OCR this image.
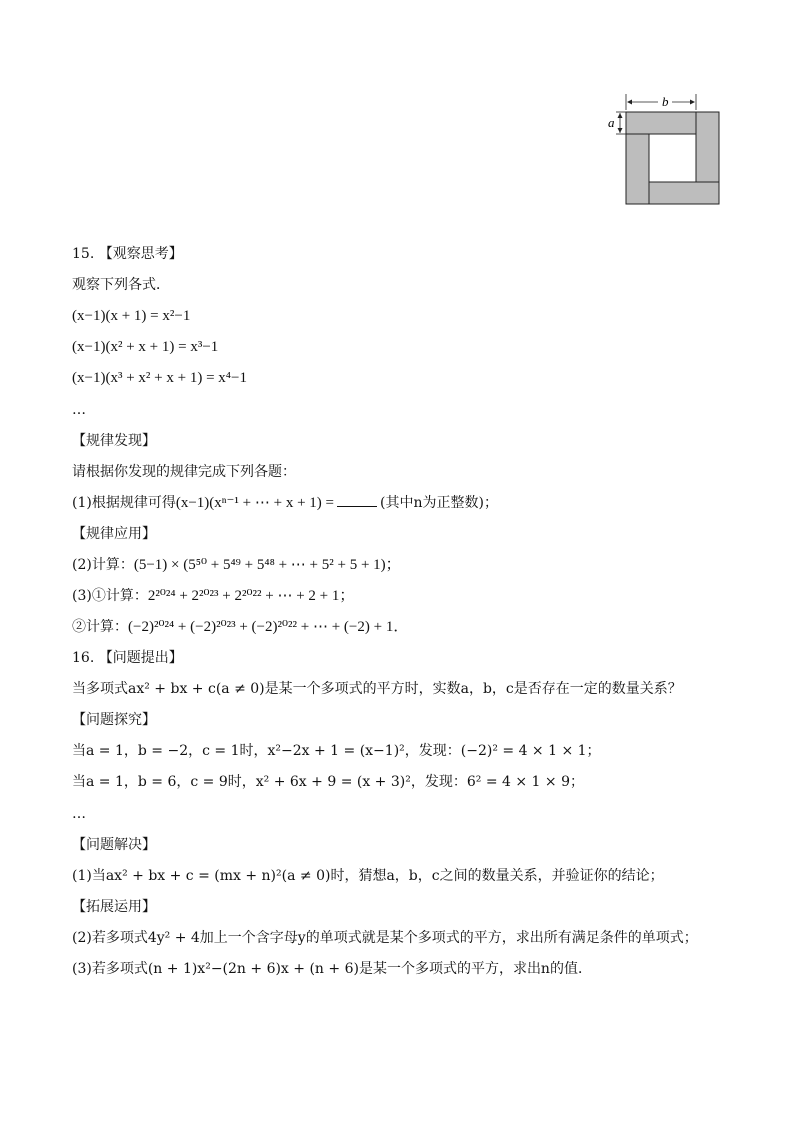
b
a
15. 【观察思考】
观察下列各式．
(x−1)(x + 1) = x²−1
(x−1)(x² + x + 1) = x³−1
(x−1)(x³ + x² + x + 1) = x⁴−1
…
【规律发现】
请根据你发现的规律完成下列各题：
(1)根据规律可得(x−1)(xⁿ⁻¹ + ⋯ + x + 1) =	(其中n为正整数)；
【规律应用】
(2)计算：(5−1) × (5⁵⁰ + 5⁴⁹ + 5⁴⁸ + ⋯ + 5² + 5 + 1)；
(3)①计算：2²⁰²⁴ + 2²⁰²³ + 2²⁰²² + ⋯ + 2 + 1；
②计算：(−2)²⁰²⁴ + (−2)²⁰²³ + (−2)²⁰²² + ⋯ + (−2) + 1．
16. 【问题提出】
当多项式ax² + bx + c(a ≠ 0)是某一个多项式的平方时，实数a，b，c是否存在一定的数量关系？
【问题探究】
当a = 1，b = −2，c = 1时，x²−2x + 1 = (x−1)²，发现：(−2)² = 4 × 1 × 1；
当a = 1，b = 6，c = 9时，x² + 6x + 9 = (x + 3)²，发现：6² = 4 × 1 × 9；
…
【问题解决】
(1)当ax² + bx + c = (mx + n)²(a ≠ 0)时，猜想a，b，c之间的数量关系，并验证你的结论；
【拓展运用】
(2)若多项式4y² + 4加上一个含字母y的单项式就是某个多项式的平方，求出所有满足条件的单项式；
(3)若多项式(n + 1)x²−(2n + 6)x + (n + 6)是某一个多项式的平方，求出n的值．
